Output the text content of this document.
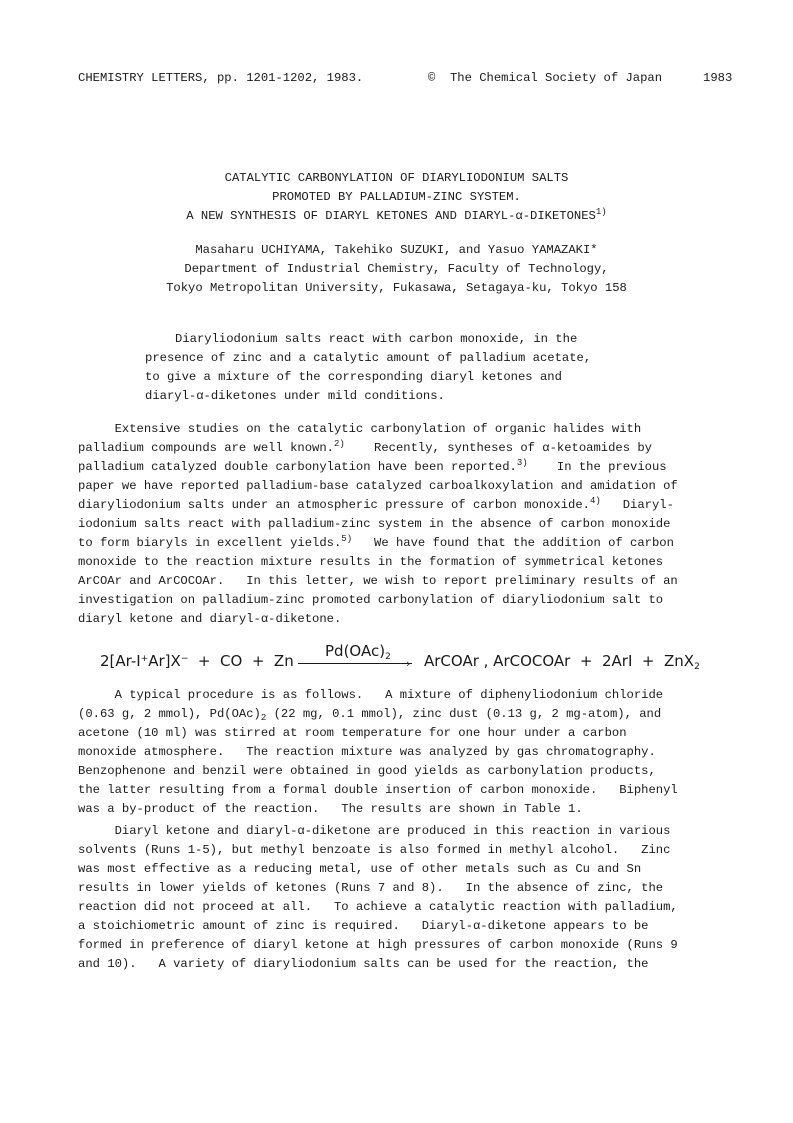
CHEMISTRY LETTERS, pp. 1201-1202, 1983.	©  The Chemical Society of Japan	1983
CATALYTIC CARBONYLATION OF DIARYLIODONIUM SALTS
PROMOTED BY PALLADIUM-ZINC SYSTEM.
A NEW SYNTHESIS OF DIARYL KETONES AND DIARYL-α-DIKETONES$^{1)}$
Masaharu UCHIYAMA, Takehiko SUZUKI, and Yasuo YAMAZAKI*
Department of Industrial Chemistry, Faculty of Technology,
Tokyo Metropolitan University, Fukasawa, Setagaya-ku, Tokyo 158
Diaryliodonium salts react with carbon monoxide, in the
presence of zinc and a catalytic amount of palladium acetate,
to give a mixture of the corresponding diaryl ketones and
diaryl-α-diketones under mild conditions.
Extensive studies on the catalytic carbonylation of organic halides with
palladium compounds are well known.$^{2)}$    Recently, syntheses of α-ketoamides by
palladium catalyzed double carbonylation have been reported.$^{3)}$    In the previous
paper we have reported palladium-base catalyzed carboalkoxylation and amidation of
diaryliodonium salts under an atmospheric pressure of carbon monoxide.$^{4)}$   Diaryl-
iodonium salts react with palladium-zinc system in the absence of carbon monoxide
to form biaryls in excellent yields.$^{5)}$   We have found that the addition of carbon
monoxide to the reaction mixture results in the formation of symmetrical ketones
ArCOAr and ArCOCOAr.   In this letter, we wish to report preliminary results of an
investigation on palladium-zinc promoted carbonylation of diaryliodonium salt to
diaryl ketone and diaryl-α-diketone.
2[Ar-I+Ar]X−  +  CO  +  Zn
$Pd(OAc)_2$ › ArCOAr , ArCOCOAr  +  2ArI  +  ZnX$_2$
A typical procedure is as follows.   A mixture of diphenyliodonium chloride
(0.63 g, 2 mmol), $Pd(OAc)_2$ (22 mg, 0.1 mmol), zinc dust (0.13 g, 2 mg-atom), and
acetone (10 ml) was stirred at room temperature for one hour under a carbon
monoxide atmosphere.   The reaction mixture was analyzed by gas chromatography.
Benzophenone and benzil were obtained in good yields as carbonylation products,
the latter resulting from a formal double insertion of carbon monoxide.   Biphenyl
was a by-product of the reaction.   The results are shown in Table 1.
Diaryl ketone and diaryl-α-diketone are produced in this reaction in various
solvents (Runs 1-5), but methyl benzoate is also formed in methyl alcohol.   Zinc
was most effective as a reducing metal, use of other metals such as Cu and Sn
results in lower yields of ketones (Runs 7 and 8).   In the absence of zinc, the
reaction did not proceed at all.   To achieve a catalytic reaction with palladium,
a stoichiometric amount of zinc is required.   Diaryl-α-diketone appears to be
formed in preference of diaryl ketone at high pressures of carbon monoxide (Runs 9
and 10).   A variety of diaryliodonium salts can be used for the reaction, the
